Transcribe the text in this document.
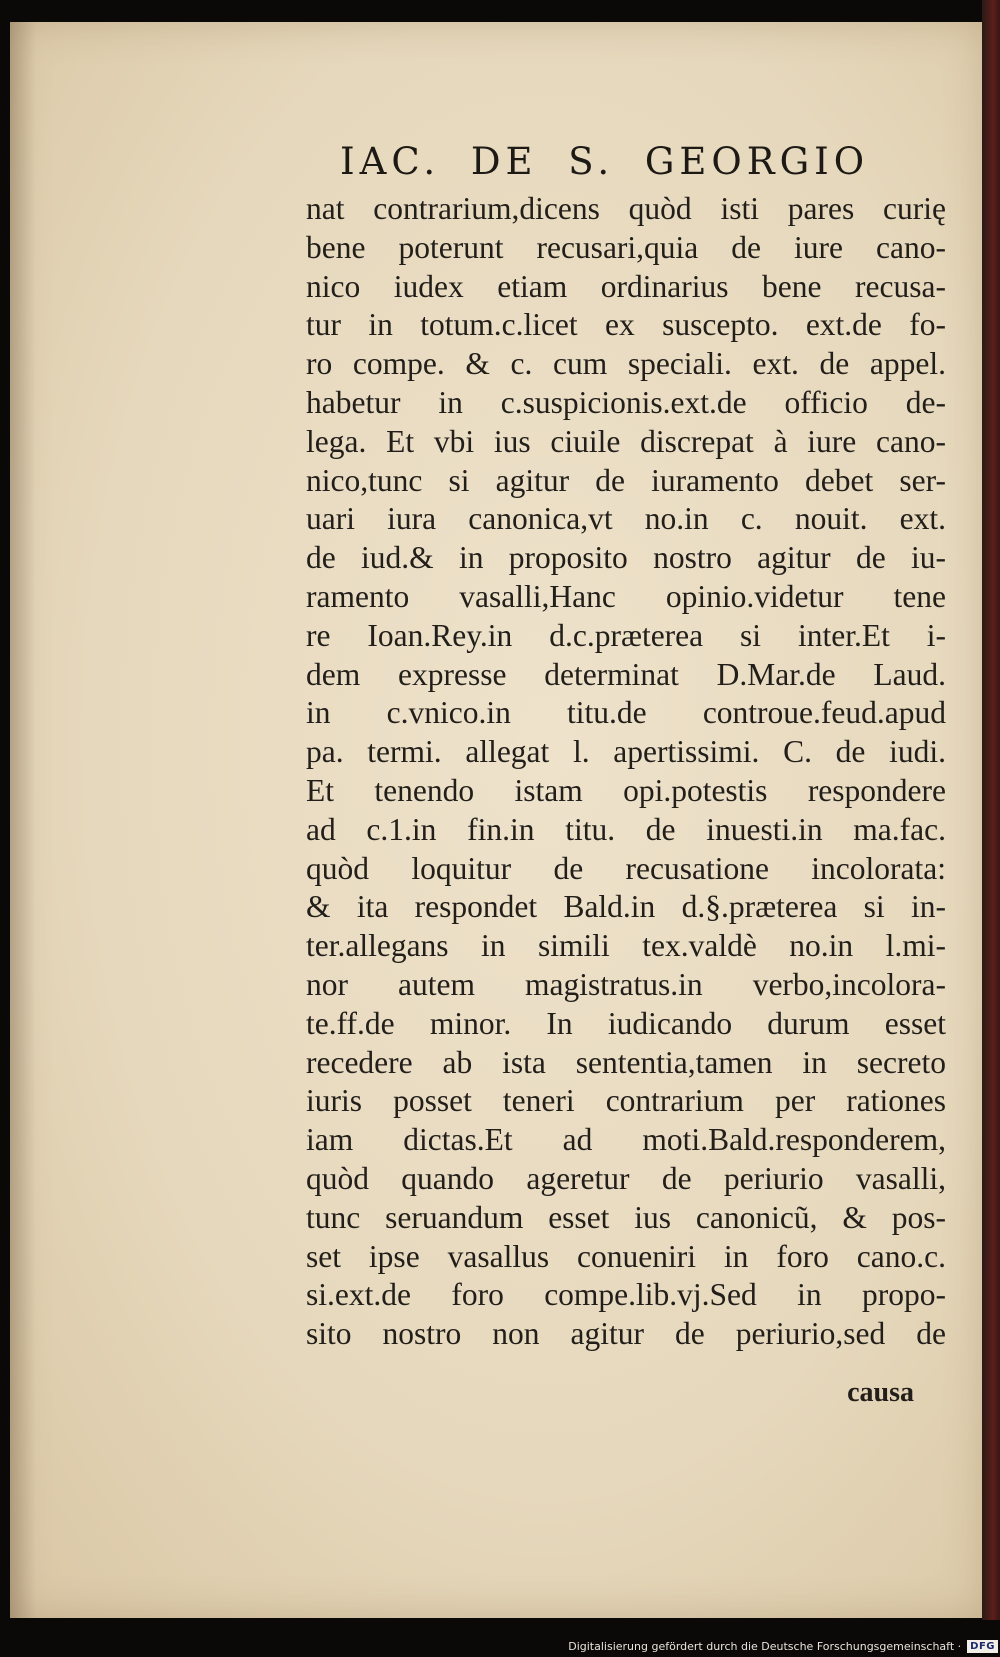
IAC. DE S. GEORGIO
nat contrarium,dicens quòd isti pares curię
bene poterunt recusari,quia de iure cano-
nico iudex etiam ordinarius bene recusa-
tur in totum.c.licet ex suscepto. ext.de fo-
ro compe. & c. cum speciali. ext. de appel.
habetur in c.suspicionis.ext.de officio de-
lega. Et vbi ius ciuile discrepat à iure cano-
nico,tunc si agitur de iuramento debet ser-
uari iura canonica,vt no.in c. nouit. ext.
de iud.& in proposito nostro agitur de iu-
ramento vasalli,Hanc opinio.videtur tene
re Ioan.Rey.in d.c.prӕterea si inter.Et i-
dem expresse determinat D.Mar.de Laud.
in c.vnico.in titu.de controue.feud.apud
pa. termi. allegat l. apertissimi. C. de iudi.
Et tenendo istam opi.potestis respondere
ad c.1.in fin.in titu. de inuesti.in ma.fac.
quòd loquitur de recusatione incolorata:
& ita respondet Bald.in d.§.prӕterea si in-
ter.allegans in simili tex.valdè no.in l.mi-
nor autem magistratus.in verbo,incolora-
te.ff.de minor. In iudicando durum esset
recedere ab ista sententia,tamen in secreto
iuris posset teneri contrarium per rationes
iam dictas.Et ad moti.Bald.responderem,
quòd quando ageretur de periurio vasalli,
tunc seruandum esset ius canonicũ, & pos-
set ipse vasallus conueniri in foro cano.c.
si.ext.de foro compe.lib.vj.Sed in propo-
sito nostro non agitur de periurio,sed de
causa
Digitalisierung gefördert durch die Deutsche Forschungsgemeinschaft · DFG
